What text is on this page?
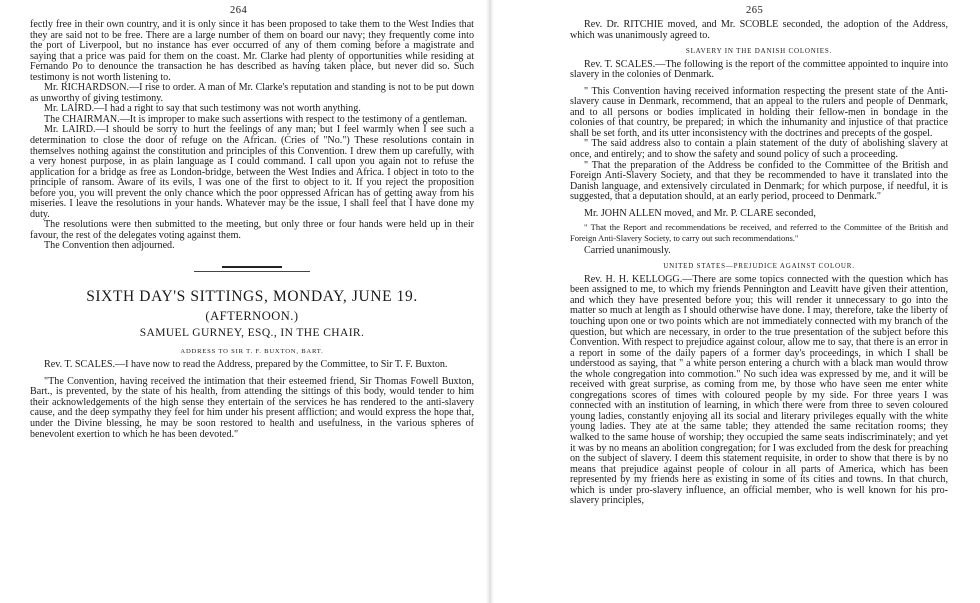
264

fectly free in their own country, and it is only since it has been proposed to take them to the West Indies that they are said not to be free. There are a large number of them on board our navy; they frequently come into the port of Liverpool, but no instance has ever occurred of any of them coming before a magistrate and saying that a price was paid for them on the coast. Mr. Clarke had plenty of opportunities while residing at Fernando Po to denounce the transaction he has described as having taken place, but never did so. Such testimony is not worth listening to.

Mr. RICHARDSON.—I rise to order. A man of Mr. Clarke's reputation and standing is not to be put down as unworthy of giving testimony.

Mr. LAIRD.—I had a right to say that such testimony was not worth anything.

The CHAIRMAN.—It is improper to make such assertions with respect to the testimony of a gentleman.

Mr. LAIRD.—I should be sorry to hurt the feelings of any man; but I feel warmly when I see such a determination to close the door of refuge on the African. (Cries of "No.") These resolutions contain in themselves nothing against the constitution and principles of this Convention. I drew them up carefully, with a very honest purpose, in as plain language as I could command. I call upon you again not to refuse the application for a bridge as free as London-bridge, between the West Indies and Africa. I object in toto to the principle of ransom. Aware of its evils, I was one of the first to object to it. If you reject the proposition before you, you will prevent the only chance which the poor oppressed African has of getting away from his miseries. I leave the resolutions in your hands. Whatever may be the issue, I shall feel that I have done my duty.

The resolutions were then submitted to the meeting, but only three or four hands were held up in their favour, the rest of the delegates voting against them.

The Convention then adjourned.

SIXTH DAY'S SITTINGS, MONDAY, JUNE 19.
(AFTERNOON.)
SAMUEL GURNEY, ESQ., IN THE CHAIR.
ADDRESS TO SIR T. F. BUXTON, BART.

Rev. T. SCALES.—I have now to read the Address, prepared by the Committee, to Sir T. F. Buxton.

"The Convention, having received the intimation that their esteemed friend, Sir Thomas Fowell Buxton, Bart., is prevented, by the state of his health, from attending the sittings of this body, would tender to him their acknowledgements of the high sense they entertain of the services he has rendered to the anti-slavery cause, and the deep sympathy they feel for him under his present affliction; and would express the hope that, under the Divine blessing, he may be soon restored to health and usefulness, in the various spheres of benevolent exertion to which he has been devoted."

265

Rev. Dr. RITCHIE moved, and Mr. SCOBLE seconded, the adoption of the Address, which was unanimously agreed to.

SLAVERY IN THE DANISH COLONIES.

Rev. T. SCALES.—The following is the report of the committee appointed to inquire into slavery in the colonies of Denmark.

" This Convention having received information respecting the present state of the Anti-slavery cause in Denmark, recommend, that an appeal to the rulers and people of Denmark, and to all persons or bodies implicated in holding their fellow-men in bondage in the colonies of that country, be prepared; in which the inhumanity and injustice of that practice shall be set forth, and its utter inconsistency with the doctrines and precepts of the gospel.

" The said address also to contain a plain statement of the duty of abolishing slavery at once, and entirely; and to show the safety and sound policy of such a proceeding.

" That the preparation of the Address be confided to the Committee of the British and Foreign Anti-Slavery Society, and that they be recommended to have it translated into the Danish language, and extensively circulated in Denmark; for which purpose, if needful, it is suggested, that a deputation should, at an early period, proceed to Denmark."

Mr. JOHN ALLEN moved, and Mr. P. CLARE seconded,

" That the Report and recommendations be received, and referred to the Committee of the British and Foreign Anti-Slavery Society, to carry out such recommendations."

Carried unanimously.

UNITED STATES—PREJUDICE AGAINST COLOUR.

Rev. H. H. KELLOGG.—There are some topics connected with the question which has been assigned to me, to which my friends Pennington and Leavitt have given their attention, and which they have presented before you; this will render it unnecessary to go into the matter so much at length as I should otherwise have done. I may, therefore, take the liberty of touching upon one or two points which are not immediately connected with my branch of the question, but which are necessary, in order to the true presentation of the subject before this Convention. With respect to prejudice against colour, allow me to say, that there is an error in a report in some of the daily papers of a former day's proceedings, in which I shall be understood as saying, that " a white person entering a church with a black man would throw the whole congregation into commotion." No such idea was expressed by me, and it will be received with great surprise, as coming from me, by those who have seen me enter white congregations scores of times with coloured people by my side. For three years I was connected with an institution of learning, in which there were from three to seven coloured young ladies, constantly enjoying all its social and literary privileges equally with the white young ladies. They ate at the same table; they attended the same recitation rooms; they walked to the same house of worship; they occupied the same seats indiscriminately; and yet it was by no means an abolition congregation; for I was excluded from the desk for preaching on the subject of slavery. I deem this statement requisite, in order to show that there is by no means that prejudice against people of colour in all parts of America, which has been represented by my friends here as existing in some of its cities and towns. In that church, which is under pro-slavery influence, an official member, who is well known for his pro-slavery principles,
